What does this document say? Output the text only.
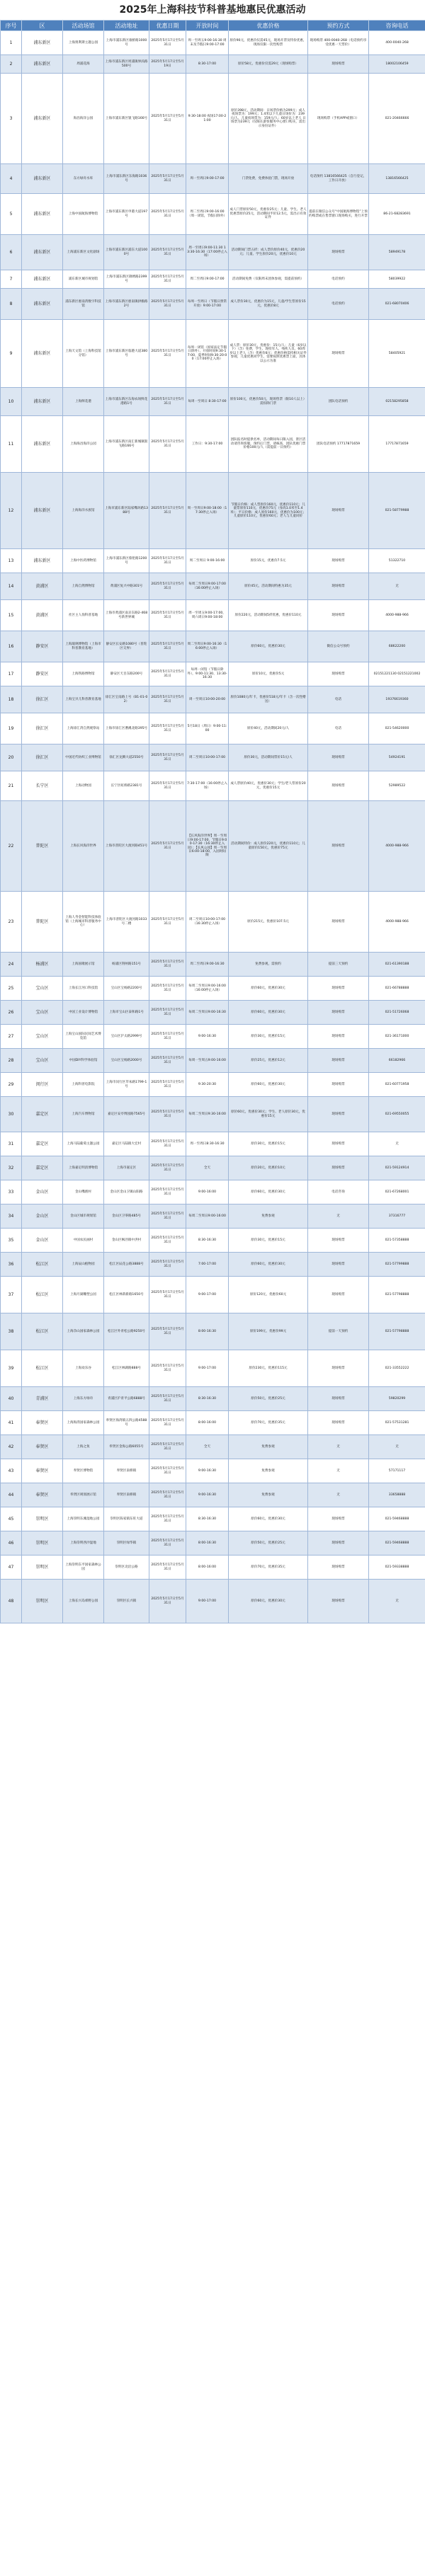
2025年上海科技节科普基地惠民优惠活动
序号	区	活动场馆	活动地址	优惠日期	开放时间	优惠价格	预约方式	咨询电话
1	浦东新区	上海奥利斯主题公园	上海市浦东新区康桥路1000号	2025年5月17日至5月31日	周一至周五9:00-16:30 周末及节假日9:00-17:00	原价90元，优惠价仅需45元，现场开票及特价优惠，现场仅限一次性购票	现场购票 400-0040-268（电话预约享受优惠一天票价）	400-0040-268
2	浦东新区	周浦花海	上海市浦东新区周浦镇界浜路500号	2025年5月17日至5月19日	8:30-17:00	原价58元，优惠价仅需29元（现场购票）	现场购票	18002106459
3	浦东新区	海昌海洋公园	上海市浦东新区银飞路166号	2025年5月17日至5月31日	9:30-18:00 夜场17:00-21:00	原价398元，活动期间：日场票价格为299元；成人夜场票为：199元；1.4米以下儿童日场价为：239元/人、儿童夜场票为：159元/人；60岁以上老人 日场票为239元（仅限在游客服务中心窗口购买，需出示身份证件）	现场购票（手机APP或窗口）	021-20466666
4	浦东新区	东方绿舟水库	上海市浦东新区东海路1036号	2025年5月17日至5月31日	周一至周日9:00-17:00	门票免费，免费体验门禁，现场开放	电话预约 13816566425（自行登记，工作日开放）	13816566425
5	浦东新区	上海中国航海博物馆	上海市浦东新区申港大道197号	2025年5月17日至5月31日	周二至周日9:00-16:00（周一闭馆，节假日除外）	成人门票原价50元，优惠价25元；儿童、学生、老人优惠票原价25元，活动期间半价12.5元，需出示有效证件	提前在微信公众号“中国航海博物馆”上预约购票或在售票窗口现场购买，进行开票	86-21-68283691
6	浦东新区	上海浦东新区文化剧场	上海市浦东新区浦东大道1000号	2025年5月17日至5月31日	周一至周日9:00-11:30 13:30-16:30（17:00停止入场）	活动期间门票五折：成人票价原价40元，优惠价20元；儿童、学生原价20元，优惠价10元	现场购票	58949178
7	浦东新区	浦东新区城市规划馆	上海市浦东新区锦绣路2399号	2025年5月17日至5月31日	周二至周日9:00-17:00	活动期间免费（仅限周末团体参观，需提前预约）	电话预约	58039922
8	浦东新区	浦东新区惠南湾数字科技馆	上海市浦东新区惠南镇拱极路2号	2025年5月17日至5月31日	每周一至周日（节假日照常开放）9:00-17:00	成人票价30元，优惠价为15元，儿童/学生票原价15元，优惠价8元	电话预约	021-68070406
9	浦东新区	上海天文馆（上海科技馆分馆）	上海市浦东新区临港大道380号	2025年5月17日至5月31日	每周一闭馆（国家法定节假日除外），开放时间9:30-17:00，夏季时间9:30-20:00（17:00停止入场）	成人票：原价30元，优惠价：15元/人；儿童（6岁以下）（含）免费，学生、现役军人、残疾人员、60周岁以上老人（含）优惠价8元；优惠价格需持相关证件参观，儿童优惠同学生，需要按照优惠票上面，具体以公示为准	现场购票	58405921
10	浦东新区	上海鲜花港	上海市浦东新区东海农场鲜花港路1号	2025年5月17日至5月31日	每周一至周日 8:30-17:00	原价100元，优惠价50元，现场售票（限10人以上）需扣除门票	团队电话预约	02158295858
11	浦东新区	上海海昌海洋公园	上海市浦东新区南汇新城镇银飞路166号	2025年5月17日至5月31日	工作日：9:30-17:00	团队报名时提供名单，活动期间每日限入园，景区活动请咨询客服，预约后门票，请核查，团队优惠门票价格100元/人（需提前一日预约）	团队电话预约 17717871659	17717871659
12	浦东新区	上海海洋水族馆	上海市浦东新区陆家嘴环路1388号	2025年5月17日至5月31日	周一至周日9:00-18:00（17:30停止入场）	节假日价格：成人票原价160元，优惠价110元；儿童票原价110元，优惠价75元（身高1.0米至1.4米）；平日价格：成人原价160元，优惠价为100元；儿童原价110元，优惠价60元；老人与儿童同价	现场购票	021-58779988
13	浦东新区	上海中医药博物馆	上海市浦东新区蔡伦路1200号	2025年5月17日至5月31日	周二至周日 9:00-16:00	原价15元，优惠价7.5元	现场购票	51322710
14	黄浦区	上海自然博物馆	黄浦区复兴中路301号	2025年5月17日至5月31日	每周二至周日9:00-17:00（16:00停止入场）	原价45元，活动期间特惠为35元	现场购票	无
15	黄浦区	社区主人翁科普基地	上海市黄浦区南京东路2-468号新世界城	2025年5月17日至5月31日	周一至周五9:00-17:00，周六周日9:00-18:00	原价220元，活动期间5折优惠，优惠价110元	现场购票	4000-988-966
16	静安区	上海玻璃博物馆（上海市科普教育基地）	静安区长安路1080号（普陀区交界）	2025年5月17日至5月31日	周二至周日9:00-16:30（16:00停止入场）	原价60元，优惠价30元	微信公众号预约	68622200
17	静安区	上海铁路博物馆	静安区天目东路200号	2025年5月17日至5月31日	每周一闭馆（节假日除外），9:00-11:30、13:30-16:30	原价10元，优惠价5元	现场购票	02151221130 02151221002
18	徐汇区	上海宝贝儿科普教育基地	徐汇区宝南路上号（B1-01-02）	2025年5月17日至5月31日	周一至周日10:00-20:00	原价1080元/年卡，优惠价518元/年卡（含一次性赠送）	电话	19376619360
19	徐汇区	上海徐汇湾自然观察站	上海市徐汇区漕溪北路395号	2025年5月17日至5月31日	5月18日（周日）9:00-11:00	原价40元，活动期间20元/人	电话	021-54620000
20	徐汇区	中国近代纺织工业博物馆	徐汇区龙腾大道2550号	2025年5月17日至5月31日	周二至周日10:00-17:00	原价30元，活动期间票价15元/人	现场购票	54924191
21	长宁区	上海动物园	长宁区虹桥路2381号	2025年5月17日至5月31日	7:30-17:00（16:00停止入场）	成人票原价40元，优惠价30元；学生/老人票原价20元，优惠价15元	现场购票	52989522
22	普陀区	上海长风海洋世界	上海市普陀区大渡河路451号	2025年5月17日至5月31日	【长风海洋世界】周一至周日9:00-17:00，节假日9:00-17:30（16:30停止入园）；【长风公园】周一至周日6:00-18:00，入园时间限	活动期间特价：成人原价220元，优惠价110元；儿童原价150元，优惠价75元	现场购票	4000-988-966
23	普陀区	上海人寿金智能科技体验馆（上海城市科普服务中心）	上海市普陀区大渡河路1033号二楼	2025年5月17日至5月31日	周二至周日10:00-17:00（16:30停止入场）	原价215元，优惠价107.5元	现场购票	4000-988-966
24	杨浦区	上海国歌展示馆	杨浦区荆州路151号	2025年5月17日至5月31日	周二至周日9:00-16:30	免费参观，需预约	提前三天预约	021-61390188
25	宝山区	上海长江河口科技馆	宝山区宝杨路2200号	2025年5月17日至5月31日	每周二至周日9:00-16:00（16:00停止入场）	原价60元，优惠价30元	现场购票	021-66788888
26	宝山区	中国工业设计博物馆	上海市宝山区泰和路1号	2025年5月17日至5月31日	每周二至周日9:00-16:30	原价60元，优惠价30元	现场购票	021-51726068
27	宝山区	上海宝山国际民间艺术博览馆	宝山区沪太路2999号	2025年5月17日至5月31日	9:00-16:30	原价30元，优惠价15元	现场购票	021-36171000
28	宝山区	中国DIY科学体验馆	宝山区宝杨路2000号	2025年5月17日至5月31日	每周一至周五9:00-16:00	原价25元，优惠价12元	现场购票	66182966
29	闵行区	上海科普电影院	上海市闵行区莘朱路1799-1号	2025年5月17日至5月31日	9:30-20:30	原价60元，优惠价30元	现场购票	021-60771958
30	嘉定区	上海汽车博物馆	嘉定区安亭博园路7565号	2025年5月17日至5月31日	每周二至周日9:30-16:00	原价60元，优惠价30元；学生、老人原价30元，优惠价15元	现场购票	021-69550055
31	嘉定区	上海马陆葡萄主题公园	嘉定区马陆镇大宏村	2025年5月17日至5月31日	周一至周日8:30-16:30	原价30元，优惠价15元	现场购票	无
32	嘉定区	上海嘉定明清博物馆	上海市嘉定区	2025年5月17日至5月31日	全天	原价20元，优惠价10元	现场购票	021-59124914
33	金山区	金山嘴渔村	金山区金山卫镇山阳路	2025年5月17日至5月31日	9:00-16:00	原价60元，优惠价30元	电话咨询	021-67268001
34	金山区	金山区城市规划馆	金山区卫零路485号	2025年5月17日至5月31日	每周二至周日9:00-16:00	免费参观	无	37316777
35	金山区	中国农民画村	金山区枫泾镇中洪村	2025年5月17日至5月31日	8:30-16:30	原价30元，优惠价15元	现场购票	021-57358888
36	松江区	上海辰山植物园	松江区辰花公路3888号	2025年5月17日至5月31日	7:00-17:00	原价60元，优惠价30元	现场购票	021-57799888
37	松江区	上海月湖雕塑公园	松江区林荫新路1650号	2025年5月17日至5月31日	9:00-17:00	原价120元，优惠价60元	现场购票	021-57798888
38	松江区	上海佘山国家森林公园	松江区外青松公路9250号	2025年5月17日至5月31日	8:00-16:30	原价199元，优惠价99元	提前一天预约	021-57798888
39	松江区	上海欢乐谷	松江区林湖路888号	2025年5月17日至5月31日	9:00-17:00	原价230元，优惠价115元	现场购票	021-33552222
40	青浦区	上海东方绿舟	青浦区沪青平公路6888号	2025年5月17日至5月31日	8:30-16:30	原价50元，优惠价25元	现场购票	59820299
41	奉贤区	上海海湾国家森林公园	奉贤区海湾镇五四公路4588号	2025年5月17日至5月31日	8:00-16:00	原价70元，优惠价35元	现场购票	021-57531281
42	奉贤区	上海之鱼	奉贤区金海公路6055号	2025年5月17日至5月31日	全天	免费参观	无	无
43	奉贤区	奉贤区博物馆	奉贤区南桥镇	2025年5月17日至5月31日	9:00-16:30	免费参观	无	57171117
44	奉贤区	奉贤区规划展示馆	奉贤区南桥镇	2025年5月17日至5月31日	9:00-16:30	免费参观	无	33658888
45	崇明区	上海崇明东滩湿地公园	崇明区陈家镇东旺大道	2025年5月17日至5月31日	8:30-16:30	原价60元，优惠价30元	现场购票	021-59468888
46	崇明区	上海崇明西沙湿地	崇明区绿华镇	2025年5月17日至5月31日	8:00-16:30	原价50元，优惠价25元	现场购票	021-59468888
47	崇明区	上海崇明东平国家森林公园	崇明区北沿公路	2025年5月17日至5月31日	8:00-16:00	原价70元，优惠价35元	现场购票	021-59338888
48	崇明区	上海长兴岛郊野公园	崇明区长兴镇	2025年5月17日至5月31日	9:00-17:00	原价60元，优惠价30元	现场购票	无
